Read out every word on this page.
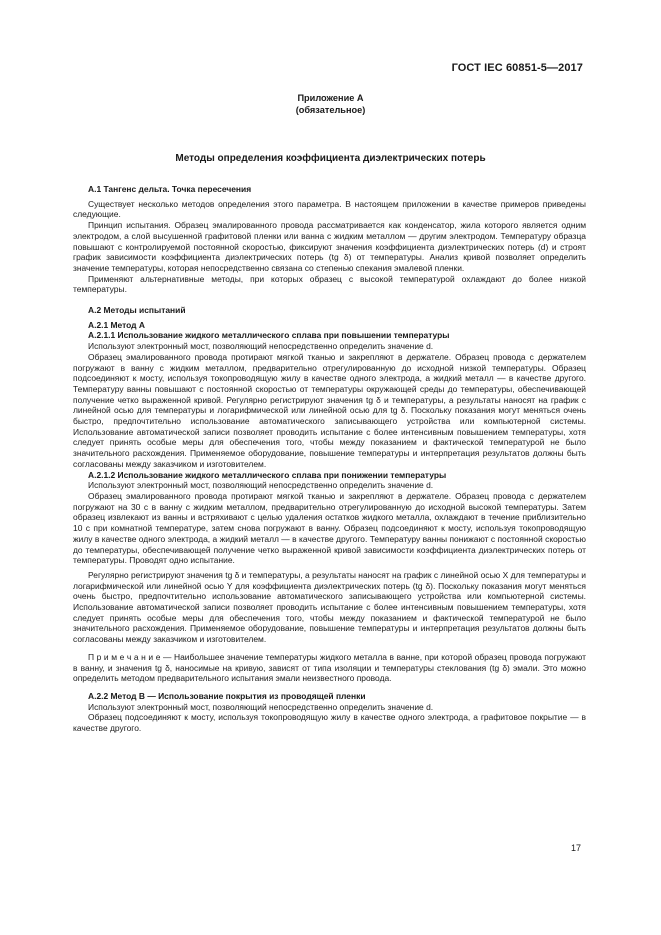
ГОСТ IEC 60851-5—2017
Приложение А
(обязательное)
Методы определения коэффициента диэлектрических потерь

А.1 Тангенс дельта. Точка пересечения

Существует несколько методов определения этого параметра. В настоящем приложении в качестве примеров приведены следующие.

Принцип испытания. Образец эмалированного провода рассматривается как конденсатор, жила которого является одним электродом, а слой высушенной графитовой пленки или ванна с жидким металлом — другим электродом. Температуру образца повышают с контролируемой постоянной скоростью, фиксируют значения коэффициента диэлектрических потерь (d) и строят график зависимости коэффициента диэлектрических потерь (tg δ) от температуры. Анализ кривой позволяет определить значение температуры, которая непосредственно связана со степенью спекания эмалевой пленки.

Применяют альтернативные методы, при которых образец с высокой температурой охлаждают до более низкой температуры.

А.2 Методы испытаний

А.2.1 Метод А

А.2.1.1 Использование жидкого металлического сплава при повышении температуры

Используют электронный мост, позволяющий непосредственно определить значение d.

Образец эмалированного провода протирают мягкой тканью и закрепляют в держателе. Образец провода с держателем погружают в ванну с жидким металлом, предварительно отрегулированную до исходной низкой температуры. Образец подсоединяют к мосту, используя токопроводящую жилу в качестве одного электрода, а жидкий металл — в качестве другого. Температуру ванны повышают с постоянной скоростью от температуры окружающей среды до температуры, обеспечивающей получение четко выраженной кривой. Регулярно регистрируют значения tg δ и температуры, а результаты наносят на график с линейной осью для температуры и логарифмической или линейной осью для tg δ. Поскольку показания могут меняться очень быстро, предпочтительно использование автоматического записывающего устройства или компьютерной системы. Использование автоматической записи позволяет проводить испытание с более интенсивным повышением температуры, хотя следует принять особые меры для обеспечения того, чтобы между показанием и фактической температурой не было значительного расхождения. Применяемое оборудование, повышение температуры и интерпретация результатов должны быть согласованы между заказчиком и изготовителем.

А.2.1.2 Использование жидкого металлического сплава при понижении температуры

Используют электронный мост, позволяющий непосредственно определить значение d.

Образец эмалированного провода протирают мягкой тканью и закрепляют в держателе. Образец провода с держателем погружают на 30 с в ванну с жидким металлом, предварительно отрегулированную до исходной высокой температуры. Затем образец извлекают из ванны и встряхивают с целью удаления остатков жидкого металла, охлаждают в течение приблизительно 10 с при комнатной температуре, затем снова погружают в ванну. Образец подсоединяют к мосту, используя токопроводящую жилу в качестве одного электрода, а жидкий металл — в качестве другого. Температуру ванны понижают с постоянной скоростью до температуры, обеспечивающей получение четко выраженной кривой зависимости коэффициента диэлектрических потерь от температуры. Проводят одно испытание.

Регулярно регистрируют значения tg δ и температуры, а результаты наносят на график с линейной осью X для температуры и логарифмической или линейной осью Y для коэффициента диэлектрических потерь (tg δ). Поскольку показания могут меняться очень быстро, предпочтительно использование автоматического записывающего устройства или компьютерной системы. Использование автоматической записи позволяет проводить испытание с более интенсивным повышением температуры, хотя следует принять особые меры для обеспечения того, чтобы между показанием и фактической температурой не было значительного расхождения. Применяемое оборудование, повышение температуры и интерпретация результатов должны быть согласованы между заказчиком и изготовителем.

П р и м е ч а н и е — Наибольшее значение температуры жидкого металла в ванне, при которой образец провода погружают в ванну, и значения tg δ, наносимые на кривую, зависят от типа изоляции и температуры стеклования (tg δ) эмали. Это можно определить методом предварительного испытания эмали неизвестного провода.

А.2.2 Метод В — Использование покрытия из проводящей пленки

Используют электронный мост, позволяющий непосредственно определить значение d.

Образец подсоединяют к мосту, используя токопроводящую жилу в качестве одного электрода, а графитовое покрытие — в качестве другого.

17
